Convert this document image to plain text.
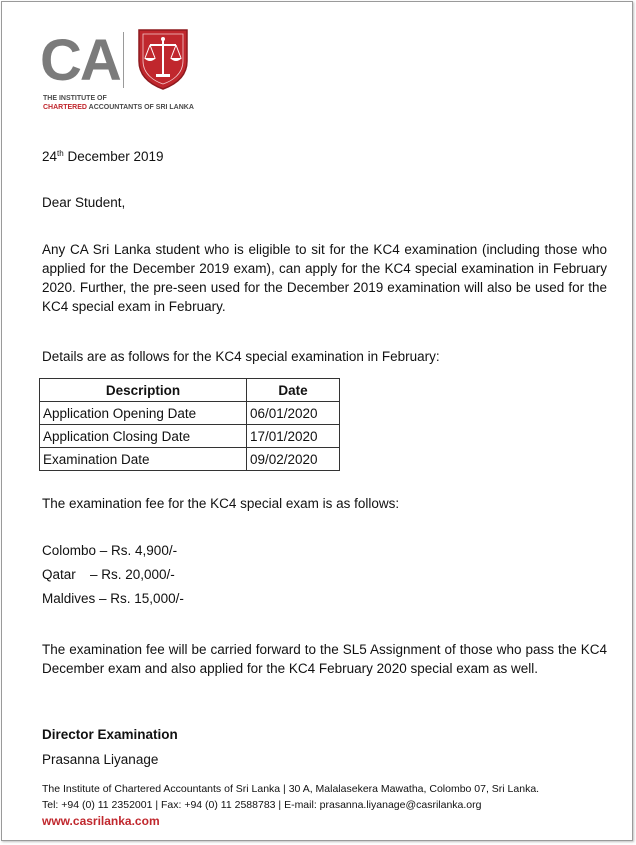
CA
THE INSTITUTE OF
CHARTERED ACCOUNTANTS OF SRI LANKA
24th December 2019
Dear Student,
Any CA Sri Lanka student who is eligible to sit for the KC4 examination (including those who applied for the December 2019 exam), can apply for the KC4 special examination in February 2020. Further, the pre-seen used for the December 2019 examination will also be used for the KC4 special exam in February.
Details are as follows for the KC4 special examination in February:
Description	Date
Application Opening Date	06/01/2020
Application Closing Date	17/01/2020
Examination Date	09/02/2020
The examination fee for the KC4 special exam is as follows:
Colombo – Rs. 4,900/-
Qatar – Rs. 20,000/-
Maldives – Rs. 15,000/-
The examination fee will be carried forward to the SL5 Assignment of those who pass the KC4 December exam and also applied for the KC4 February 2020 special exam as well.
Director Examination
Prasanna Liyanage
The Institute of Chartered Accountants of Sri Lanka | 30 A, Malalasekera Mawatha, Colombo 07, Sri Lanka.
Tel: +94 (0) 11 2352001 | Fax: +94 (0) 11 2588783 | E-mail: prasanna.liyanage@casrilanka.org
www.casrilanka.com
